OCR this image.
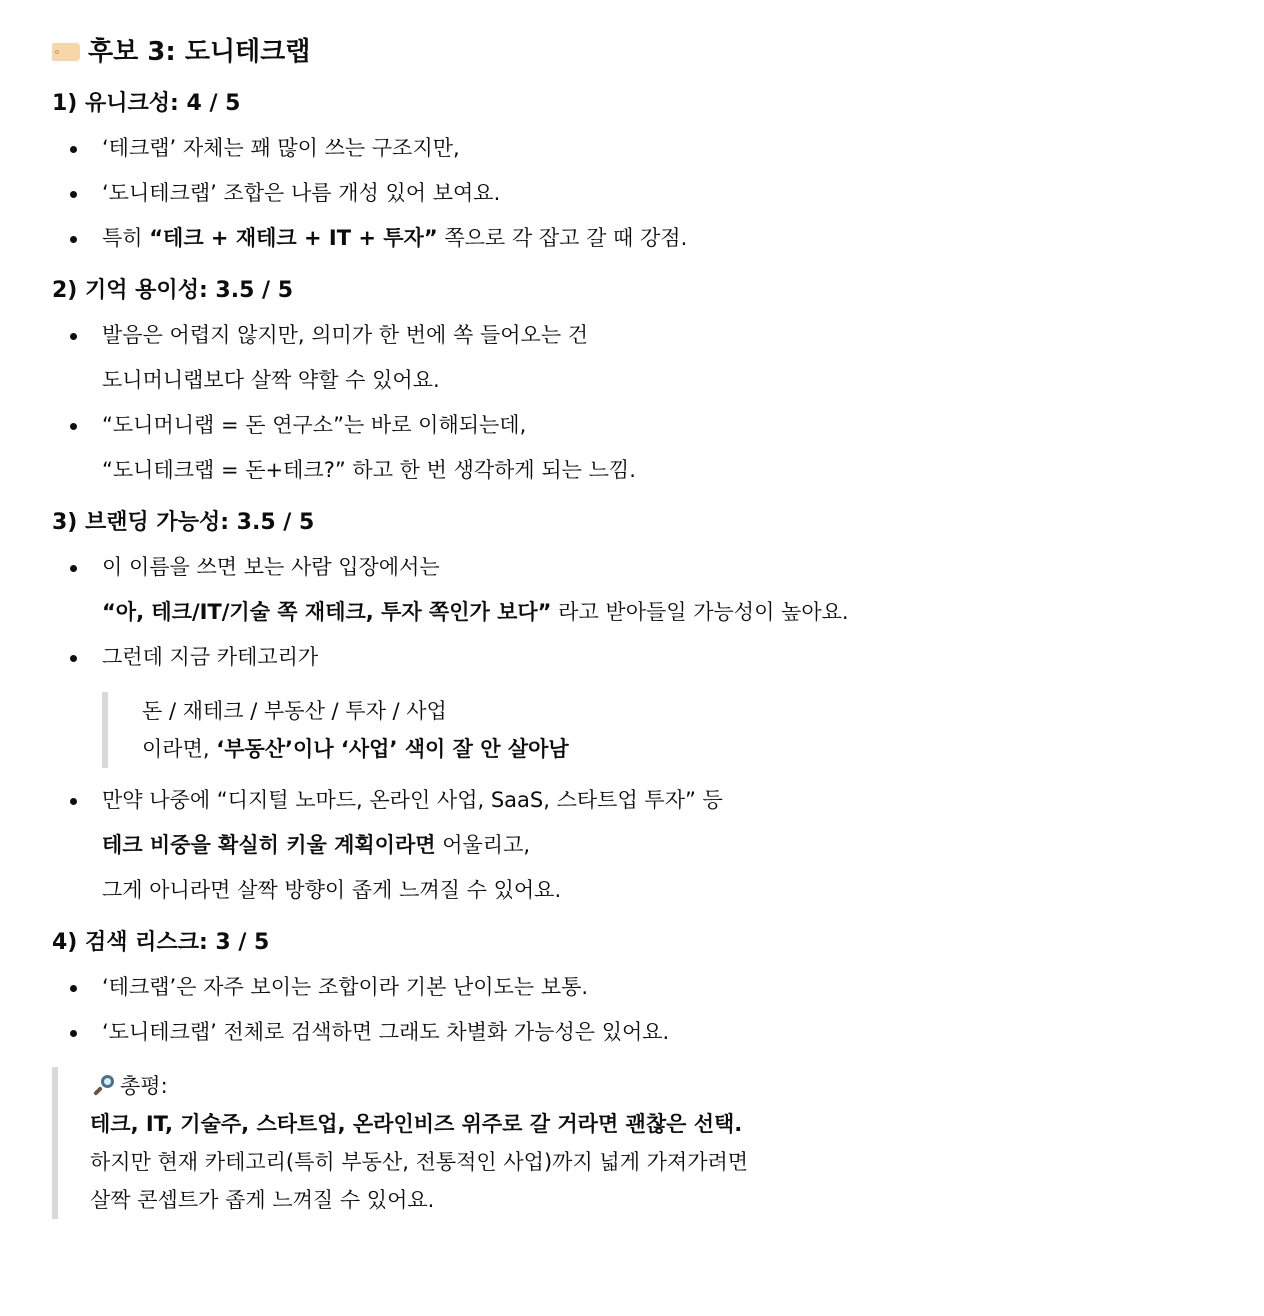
후보 3: 도니테크랩
1) 유니크성: 4 / 5
‘테크랩’ 자체는 꽤 많이 쓰는 구조지만,
‘도니테크랩’ 조합은 나름 개성 있어 보여요.
특히 “테크 + 재테크 + IT + 투자” 쪽으로 각 잡고 갈 때 강점.
2) 기억 용이성: 3.5 / 5
발음은 어렵지 않지만, 의미가 한 번에 쏙 들어오는 건
도니머니랩보다 살짝 약할 수 있어요.
“도니머니랩 = 돈 연구소”는 바로 이해되는데,
“도니테크랩 = 돈+테크?” 하고 한 번 생각하게 되는 느낌.
3) 브랜딩 가능성: 3.5 / 5
이 이름을 쓰면 보는 사람 입장에서는
“아, 테크/IT/기술 쪽 재테크, 투자 쪽인가 보다” 라고 받아들일 가능성이 높아요.
그런데 지금 카테고리가
돈 / 재테크 / 부동산 / 투자 / 사업
이라면, ‘부동산’이나 ‘사업’ 색이 잘 안 살아남
만약 나중에 “디지털 노마드, 온라인 사업, SaaS, 스타트업 투자” 등
테크 비중을 확실히 키울 계획이라면 어울리고,
그게 아니라면 살짝 방향이 좁게 느껴질 수 있어요.
4) 검색 리스크: 3 / 5
‘테크랩’은 자주 보이는 조합이라 기본 난이도는 보통.
‘도니테크랩’ 전체로 검색하면 그래도 차별화 가능성은 있어요.
총평:
테크, IT, 기술주, 스타트업, 온라인비즈 위주로 갈 거라면 괜찮은 선택.
하지만 현재 카테고리(특히 부동산, 전통적인 사업)까지 넓게 가져가려면
살짝 콘셉트가 좁게 느껴질 수 있어요.
